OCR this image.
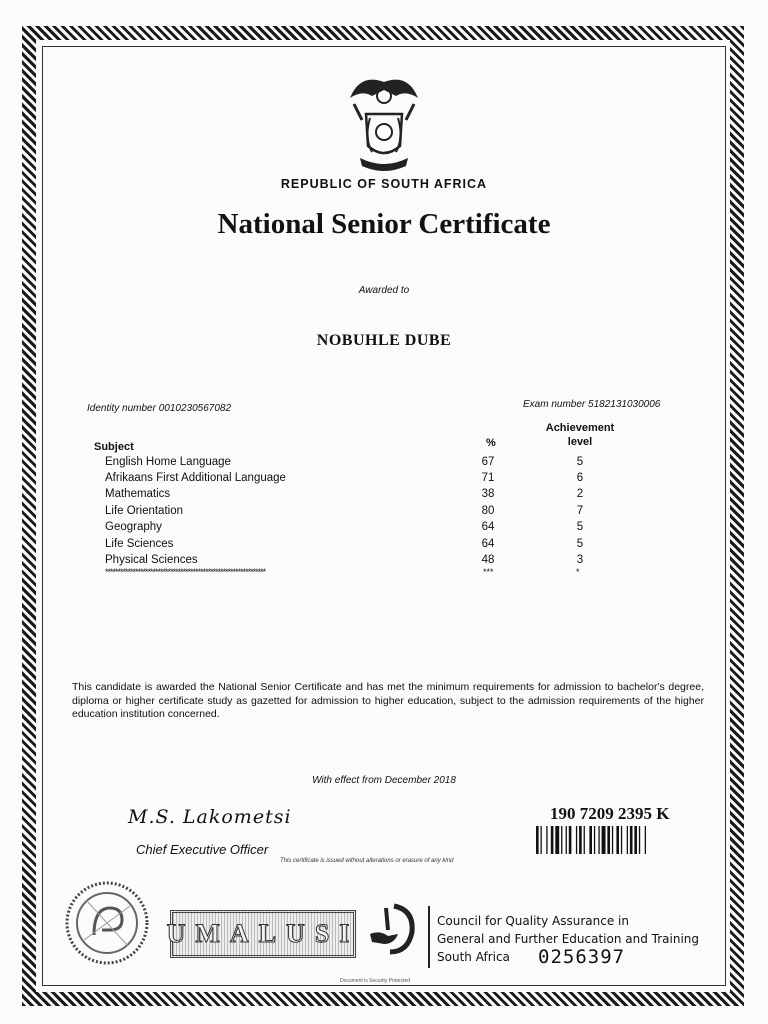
REPUBLIC OF SOUTH AFRICA
National Senior Certificate
Awarded to
NOBUHLE DUBE
Identity number 0010230567082	Exam number 5182131030006
Subject	%
Achievement
level
English Home Language	67	5
Afrikaans First Additional Language	71	6
Mathematics	38	2
Life Orientation	80	7
Geography	64	5
Life Sciences	64	5
Physical Sciences	48	3
****************************************************************	***	*
This candidate is awarded the National Senior Certificate and has met the minimum requirements for admission to bachelor's degree, diploma or higher certificate study as gazetted for admission to higher education, subject to the admission requirements of the higher education institution concerned.
With effect from December 2018
M.S. Lakometsi
Chief Executive Officer
This certificate is issued without alterations or erasure of any kind
190 7209 2395 K
UMALUSI	Council for Quality Assurance in
General and Further Education and Training
South Africa	0256397
Document is Security Protected
